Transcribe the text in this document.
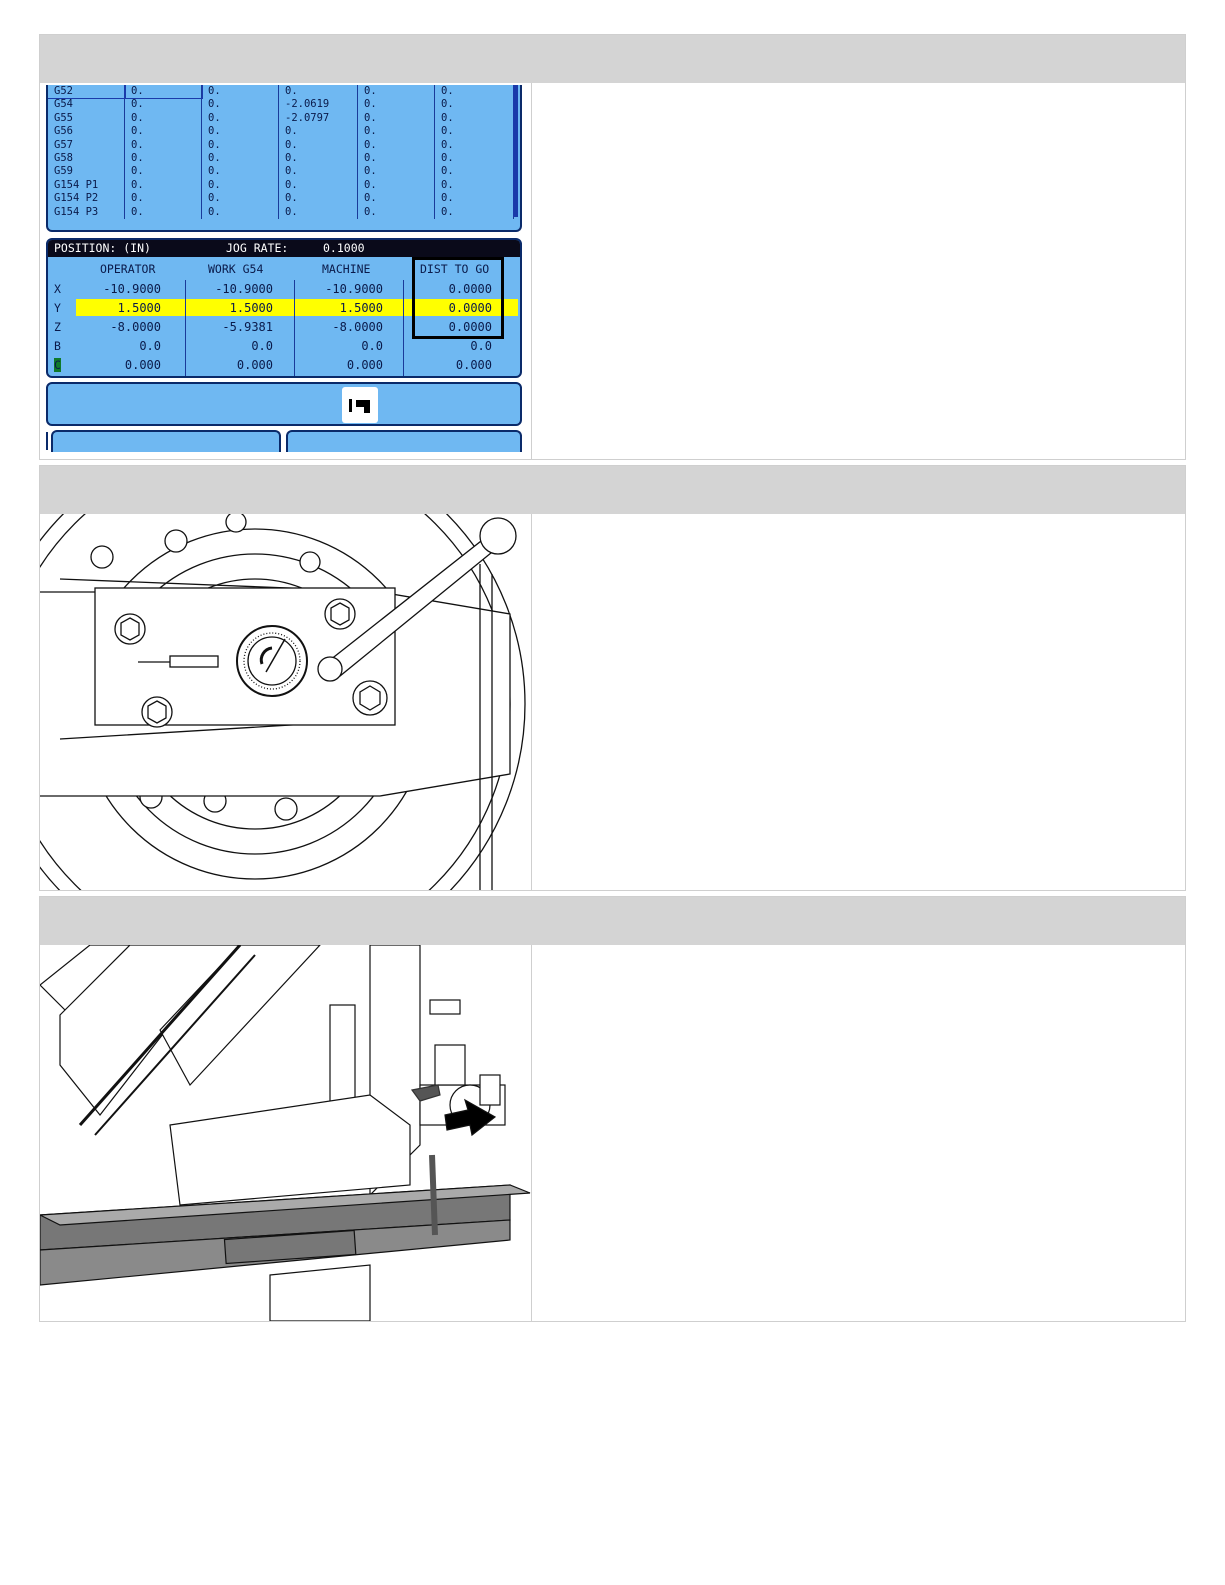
G52	0.	0.	0.	0.	0.
G54	0.	0.	-2.0619	0.	0.
G55	0.	0.	-2.0797	0.	0.
G56	0.	0.	0.	0.	0.
G57	0.	0.	0.	0.	0.
G58	0.	0.	0.	0.	0.
G59	0.	0.	0.	0.	0.
G154 P1	0.	0.	0.	0.	0.
G154 P2	0.	0.	0.	0.	0.
G154 P3	0.	0.	0.	0.	0.
POSITION: (IN)	JOG RATE:	0.1000
OPERATOR	WORK G54	MACHINE	DIST TO GO
X	-10.9000	-10.9000	-10.9000	0.0000
Y	1.5000	1.5000	1.5000	0.0000
Z	-8.0000	-5.9381	-8.0000	0.0000
B	0.0	0.0	0.0	0.0
C	0.000	0.000	0.000	0.000
